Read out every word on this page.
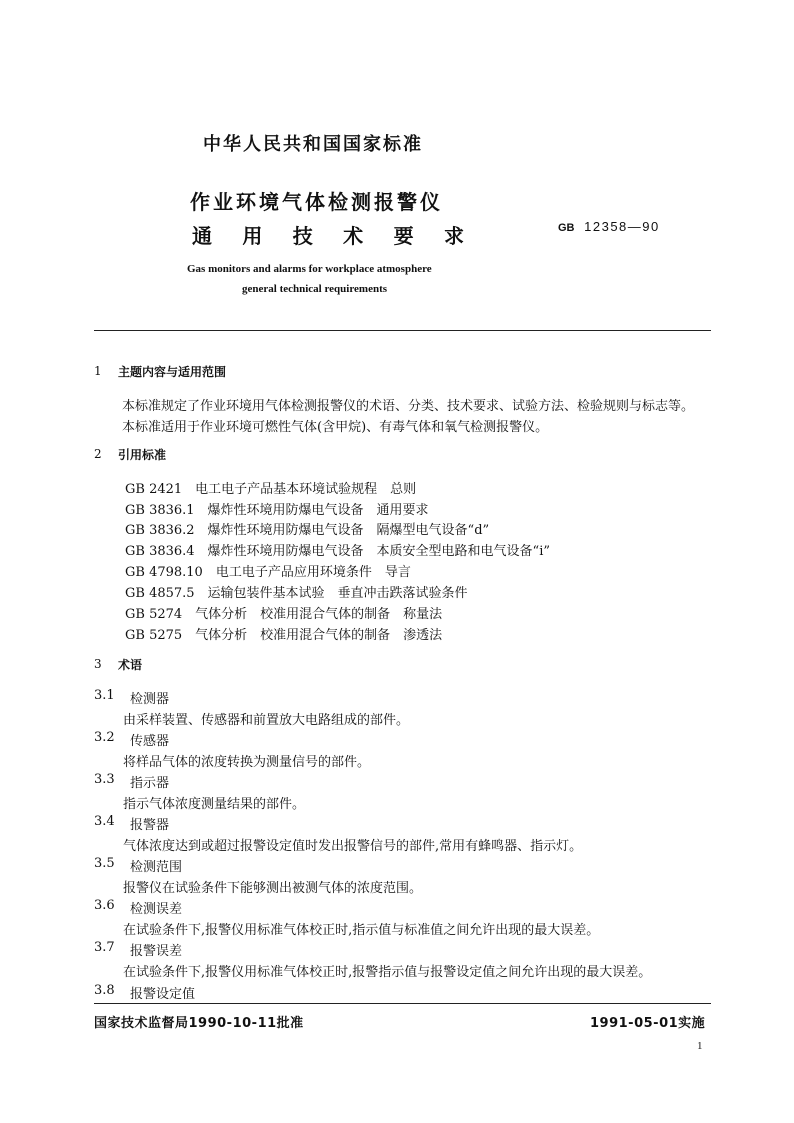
中华人民共和国国家标准
作业环境气体检测报警仪
通 用 技 术 要 求	GB 12358—90
Gas monitors and alarms for workplace atmosphere
general technical requirements
1 主题内容与适用范围
本标准规定了作业环境用气体检测报警仪的术语、分类、技术要求、试验方法、检验规则与标志等。
本标准适用于作业环境可燃性气体(含甲烷)、有毒气体和氧气检测报警仪。
2 引用标准
GB 2421　电工电子产品基本环境试验规程　总则
GB 3836.1　爆炸性环境用防爆电气设备　通用要求
GB 3836.2　爆炸性环境用防爆电气设备　隔爆型电气设备“d”
GB 3836.4　爆炸性环境用防爆电气设备　本质安全型电路和电气设备“i”
GB 4798.10　电工电子产品应用环境条件　导言
GB 4857.5　运输包装件基本试验　垂直冲击跌落试验条件
GB 5274　气体分析　校准用混合气体的制备　称量法
GB 5275　气体分析　校准用混合气体的制备　渗透法
3 术语
3.1 检测器
由采样装置、传感器和前置放大电路组成的部件。
3.2 传感器
将样品气体的浓度转换为测量信号的部件。
3.3 指示器
指示气体浓度测量结果的部件。
3.4 报警器
气体浓度达到或超过报警设定值时发出报警信号的部件,常用有蜂鸣器、指示灯。
3.5 检测范围
报警仪在试验条件下能够测出被测气体的浓度范围。
3.6 检测误差
在试验条件下,报警仪用标准气体校正时,指示值与标准值之间允许出现的最大误差。
3.7 报警误差
在试验条件下,报警仪用标准气体校正时,报警指示值与报警设定值之间允许出现的最大误差。
3.8 报警设定值
国家技术监督局1990-10-11批准	1991-05-01实施
1
